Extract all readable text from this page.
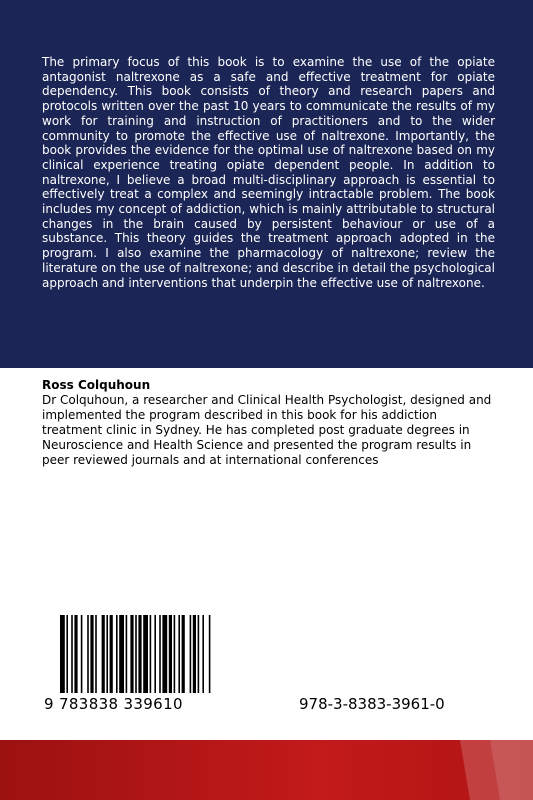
The primary focus of this book is to examine the use of the opiate antagonist naltrexone as a safe and effective treatment for opiate dependency. This book consists of theory and research papers and protocols written over the past 10 years to communicate the results of my work for training and instruction of practitioners and to the wider community to promote the effective use of naltrexone. Importantly, the book provides the evidence for the optimal use of naltrexone based on my clinical experience treating opiate dependent people. In addition to naltrexone, I believe a broad multi-disciplinary approach is essential to effectively treat a complex and seemingly intractable problem. The book includes my concept of addiction, which is mainly attributable to structural changes in the brain caused by persistent behaviour or use of a substance. This theory guides the treatment approach adopted in the program. I also examine the pharmacology of naltrexone; review the literature on the use of naltrexone; and describe in detail the psychological approach and interventions that underpin the effective use of naltrexone.

Ross Colquhoun

Dr Colquhoun, a researcher and Clinical Health Psychologist, designed and implemented the program described in this book for his addiction treatment clinic in Sydney. He has completed post graduate degrees in Neuroscience and Health Science and presented the program results in peer reviewed journals and at international conferences

9 783838 339610	978-3-8383-3961-0
